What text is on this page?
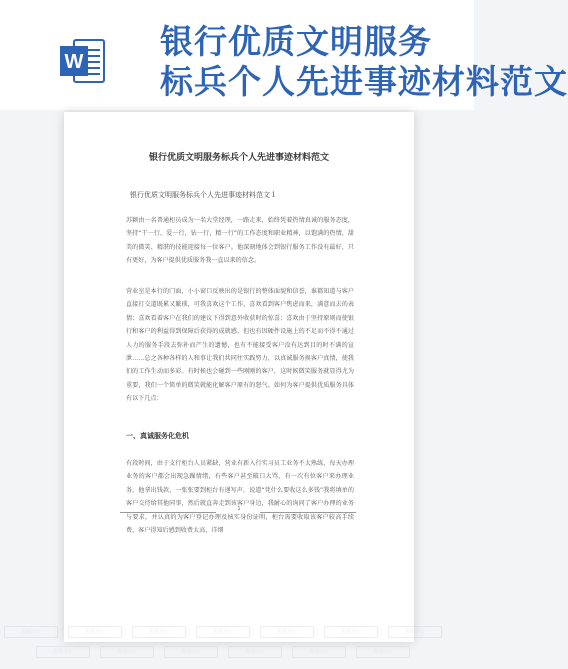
W
银行优质文明服务
标兵个人先进事迹材料范文
银行优质文明服务标兵个人先进事迹材料范文
银行优质文明服务标兵个人先进事迹材料范文１
苏颖由一名普通柜员成为一名大堂经理，一路走来，始终凭着热情真诚的服务态度，坚持“干一行，爱一行，钻一行，精一行”的工作态度和职业精神，以饱满的热情，甜美的微笑、精湛的技能迎接每一位客户。他深刻地体会到银行服务工作没有最好，只有更好，为客户提供优质服务我一直以来的信念。
营业室是本行的门面，小小窗口反映出的是银行的整体面貌和信誉，谁都知道与客户直接打交道既累又繁琐，可我喜欢这个工作，喜欢看到客户焦虑而来，满意而去的表情；喜欢看着客户在我们的建议下得到意外收获时的惊喜；喜欢由于坚持原则而使银行和客户的利益得到保障后获得的成就感。但也有因硬件设施上的不足而不得不通过人力的服务手段去弥补而产生的遗憾，也有不能接受客户没有达到目的时不满的宣泄……总之各种各样的人和事让我们共同往实践努力，以真诚服务换客户真情，使我们的工作生动而多彩。有时候也会碰到一些刚刚的客户，这时候微笑服务就显得尤为重要，我们一个简单的微笑就能化解客户原有的怒气。如何为客户提供优质服务具体有以下几点：
一、真诚服务化危机
有段时间，由于支行柜台人员紧缺，营业有新入行实习员工业务不太熟练，每天办理业务的客户都会出现急躁情绪，有些客户甚至破口大骂，有一次有位客户来办理业务，他拿出钱款，一张张要到柜台有递写声，说道“凭什么要收这么多钱”我将填单的客户交待给其他同事，然后就直奔走到该客户身边，我耐心的询问了客户办理的业务与要求，并认真的为客户登记办理及核实身份证明，柜台需要收取该客户较高手续费，客户得知后感到收费太高，详细
1
熊猫办公	熊猫办公	熊猫办公	熊猫办公	熊猫办公	熊猫办公	熊猫办公
熊猫办公	熊猫办公	熊猫办公	熊猫办公	熊猫办公	熊猫办公
